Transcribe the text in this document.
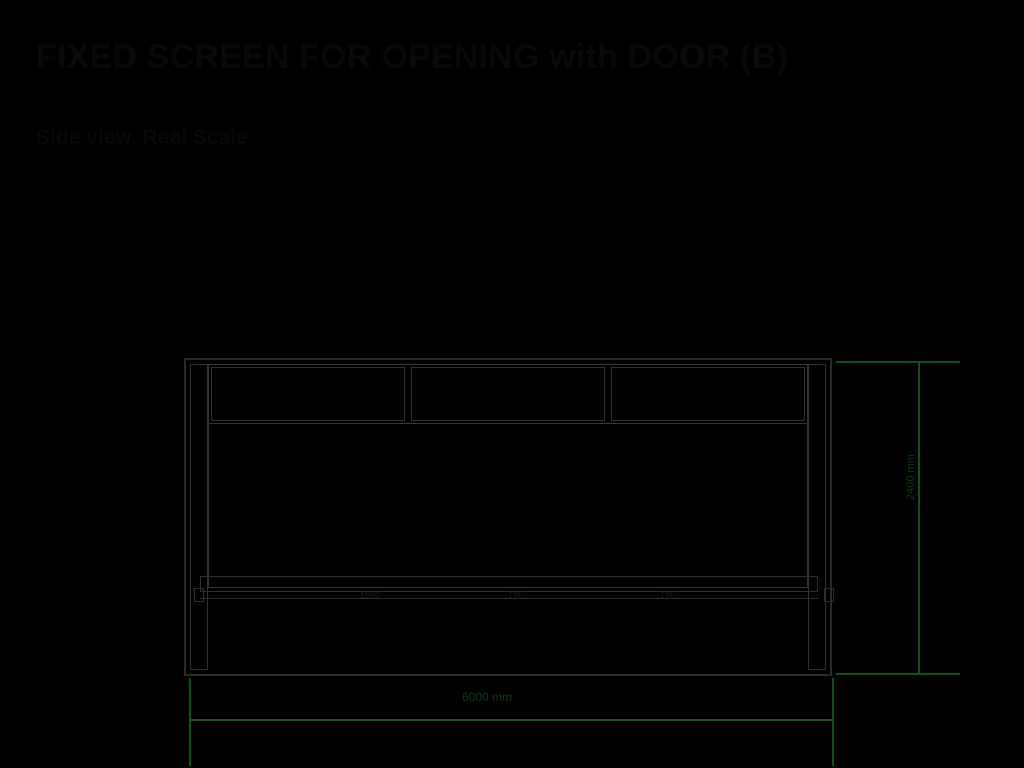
FIXED SCREEN FOR OPENING with DOOR (B)
Side view, Real Scale
1960	1960	1960
2400 mm
6000 mm
